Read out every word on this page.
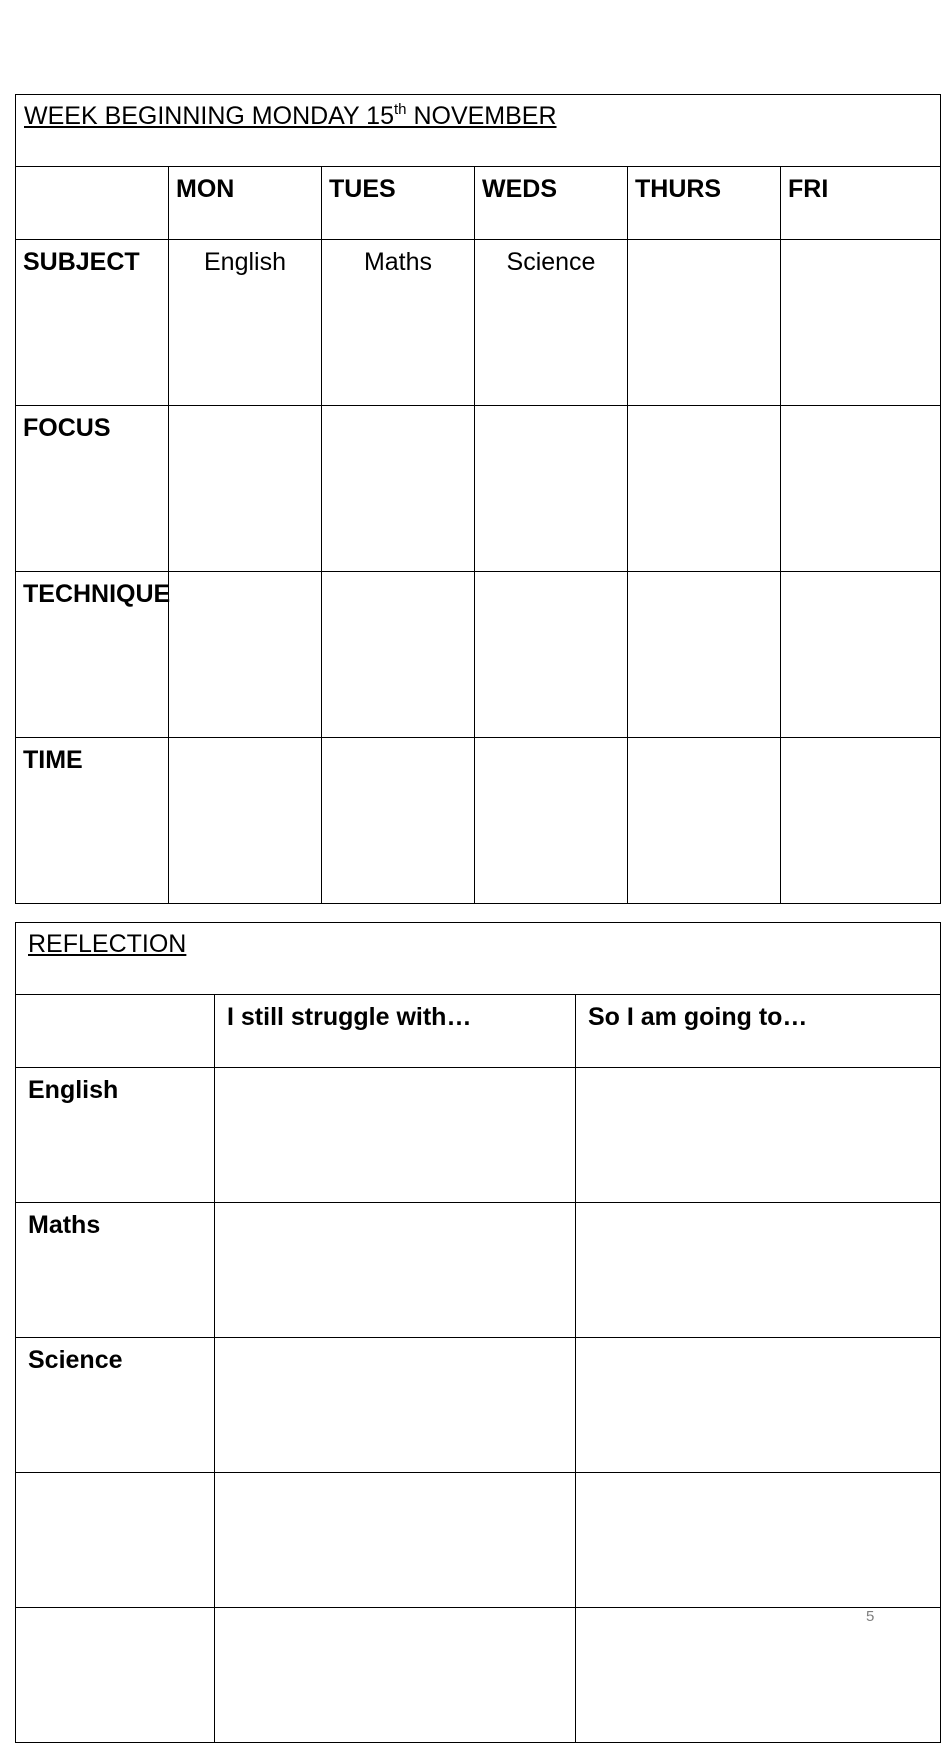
WEEK BEGINNING MONDAY 15th NOVEMBER					
	MON	TUES	WEDS	THURS	FRI
SUBJECT	English	Maths	Science		
FOCUS					
TECHNIQUE					
TIME					
REFLECTION		
	I still struggle with…	So I am going to…
English		
Maths		
Science		

5
